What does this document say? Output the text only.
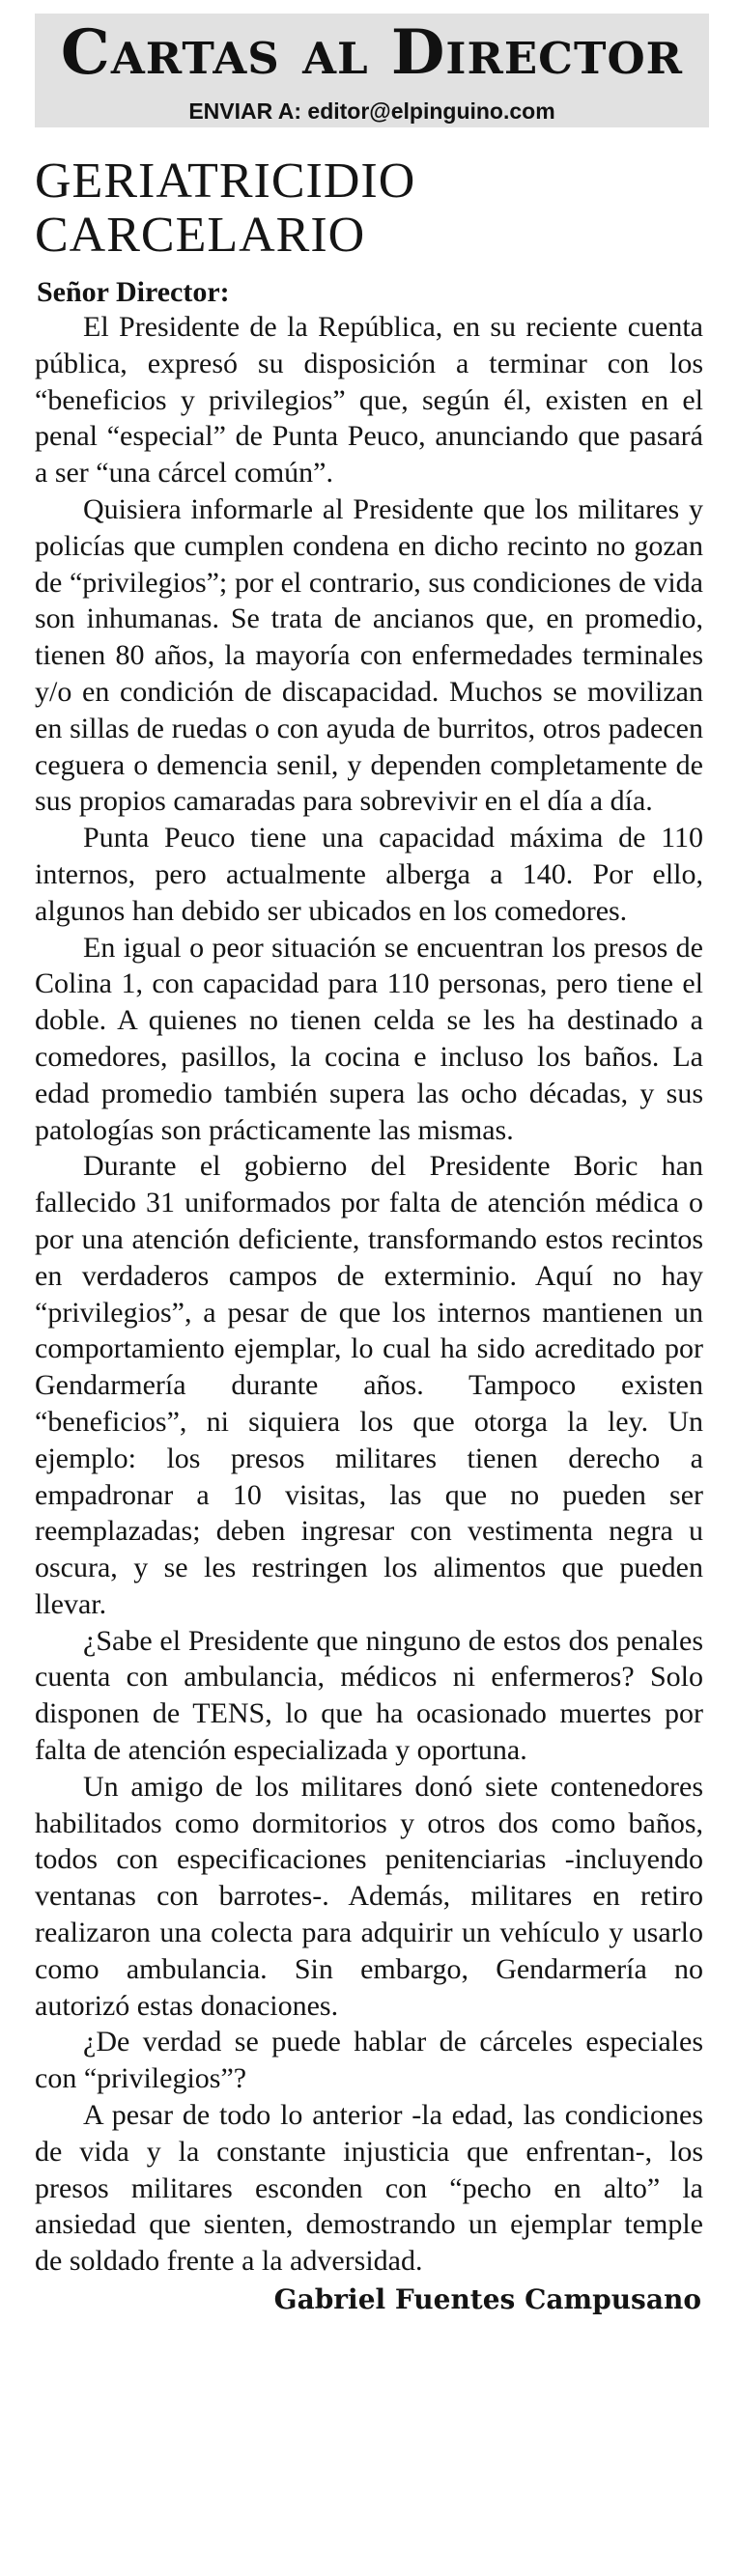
Cartas al Director
ENVIAR A: editor@elpinguino.com
GERIATRICIDIO
CARCELARIO

Señor Director:

El Presidente de la República, en su reciente cuenta pública, expresó su disposición a terminar con los “beneficios y privilegios” que, según él, existen en el penal “especial” de Punta Peuco, anunciando que pasará a ser “una cárcel común”.

Quisiera informarle al Presidente que los militares y policías que cumplen condena en dicho recinto no gozan de “privilegios”; por el contrario, sus condiciones de vida son inhumanas. Se trata de ancianos que, en promedio, tienen 80 años, la mayoría con enfermedades terminales y/o en condición de discapacidad. Muchos se movilizan en sillas de ruedas o con ayuda de burritos, otros padecen ceguera o demencia senil, y dependen completamente de sus propios camaradas para sobrevivir en el día a día.

Punta Peuco tiene una capacidad máxima de 110 internos, pero actualmente alberga a 140. Por ello, algunos han debido ser ubicados en los comedores.

En igual o peor situación se encuentran los presos de Colina 1, con capacidad para 110 personas, pero tiene el doble. A quienes no tienen celda se les ha destinado a comedores, pasillos, la cocina e incluso los baños. La edad promedio también supera las ocho décadas, y sus patologías son prácticamente las mismas.

Durante el gobierno del Presidente Boric han fallecido 31 uniformados por falta de atención médica o por una atención deficiente, transformando estos recintos en verdaderos campos de exterminio. Aquí no hay “privilegios”, a pesar de que los internos mantienen un comportamiento ejemplar, lo cual ha sido acreditado por Gendarmería durante años. Tampoco existen “beneficios”, ni siquiera los que otorga la ley. Un ejemplo: los presos militares tienen derecho a empadronar a 10 visitas, las que no pueden ser reemplazadas; deben ingresar con vestimenta negra u oscura, y se les restringen los alimentos que pueden llevar.

¿Sabe el Presidente que ninguno de estos dos penales cuenta con ambulancia, médicos ni enfermeros? Solo disponen de TENS, lo que ha ocasionado muertes por falta de atención especializada y oportuna.

Un amigo de los militares donó siete contenedores habilitados como dormitorios y otros dos como baños, todos con especificaciones penitenciarias -incluyendo ventanas con barrotes-. Además, militares en retiro realizaron una colecta para adquirir un vehículo y usarlo como ambulancia. Sin embargo, Gendarmería no autorizó estas donaciones.

¿De verdad se puede hablar de cárceles especiales con “privilegios”?

A pesar de todo lo anterior -la edad, las condiciones de vida y la constante injusticia que enfrentan-, los presos militares esconden con “pecho en alto” la ansiedad que sienten, demostrando un ejemplar temple de soldado frente a la adversidad.

Gabriel Fuentes Campusano
